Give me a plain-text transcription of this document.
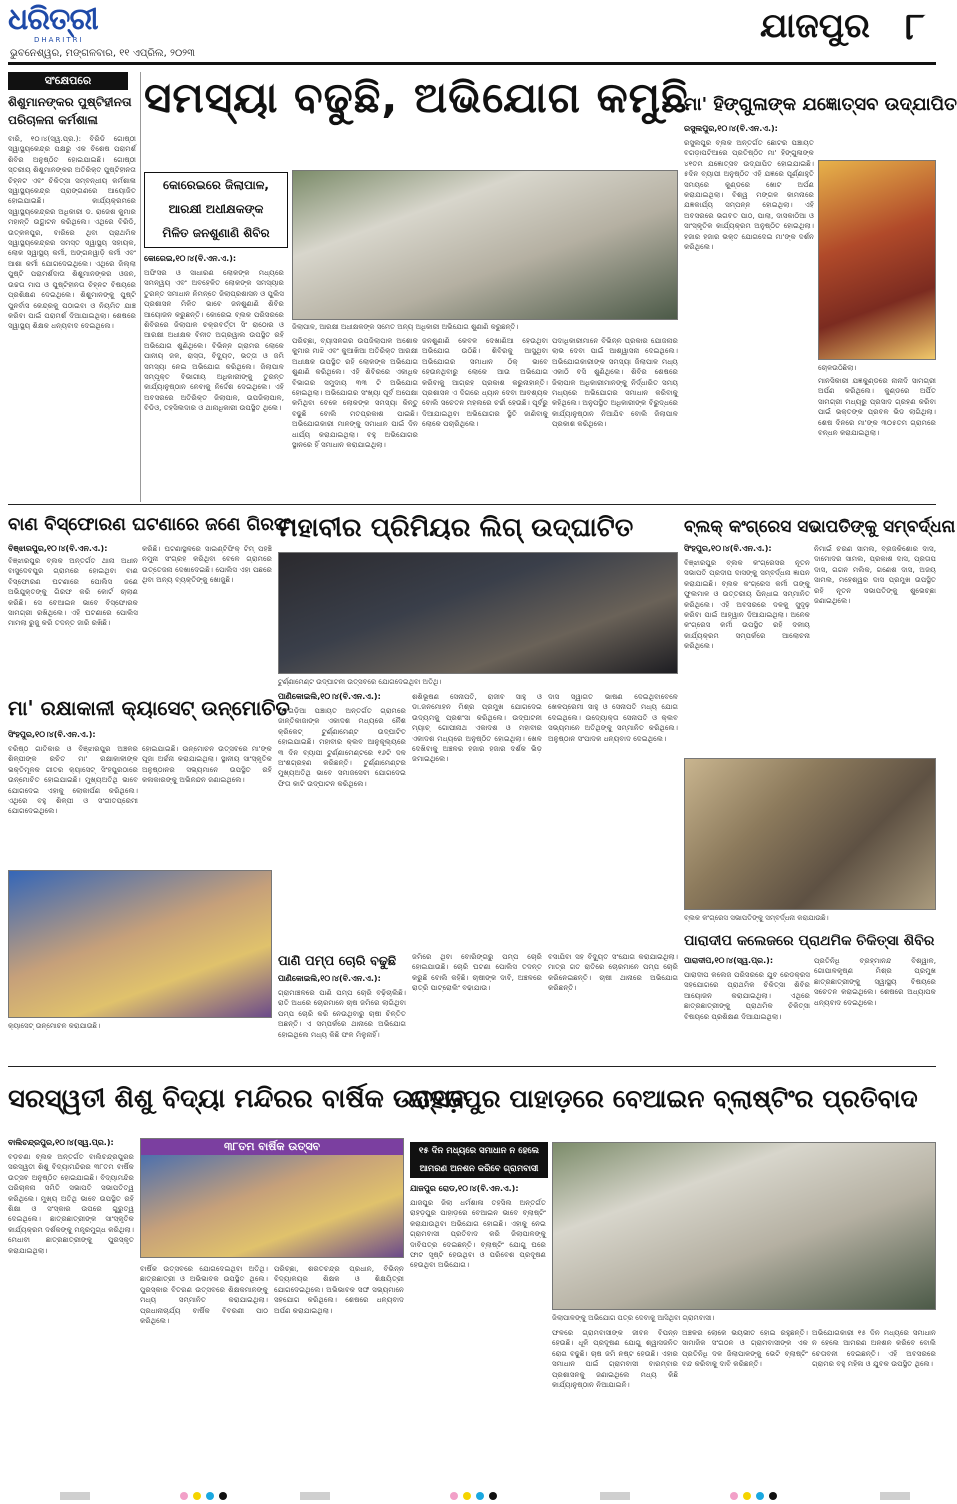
ଧରିତ୍ରୀ
DHARITRI
ଭୁବନେଶ୍ୱର, ମଙ୍ଗଳବାର, ୧୧ ଏପ୍ରିଲ, ୨୦୨୩
ଯାଜପୁର ୮
ସଂକ୍ଷେପରେ
ଶିଶୁମାନଙ୍କର ପୁଷ୍ଟିହୀନତା
ପରିଚାଳନା କର୍ମଶାଳା
ବାରି, ୧୦।୪(ସ୍ୱ.ପ୍ର.): ବିରିଡି ଗୋଷ୍ଠୀ ସ୍ୱାସ୍ଥ୍ୟକେନ୍ଦ୍ର ପକ୍ଷରୁ ଏକ ବିଶେଷ ପରାମର୍ଶ ଶିବିର ଅନୁଷ୍ଠିତ ହୋଇଯାଇଛି। ଗୋଷ୍ଠୀ ସ୍ତରୀୟ ଶିଶୁମାନଙ୍କର ଅତିରିକ୍ତ ପୁଷ୍ଟିହୀନତା ଚିହ୍ନଟ ଏବଂ ଚିକିତ୍ସା ସମ୍ବନ୍ଧୀୟ କର୍ମଶାଳା ସ୍ୱାସ୍ଥ୍ୟକେନ୍ଦ୍ର ପ୍ରାଙ୍ଗଣରେ ଆୟୋଜିତ ହୋଇଯାଇଛି। କାର୍ଯ୍ୟକ୍ରମରେ ସ୍ୱାସ୍ଥ୍ୟକେନ୍ଦ୍ରର ଅଧିକାରୀ ଡ. ରାଜେଶ କୁମାର ମହାନ୍ତି ଉଦ୍ଘାଟନ କରିଥିଲେ। ଏଥିରେ ବିରିଡି, ଉତ୍କଳପୁର, ବାରିରେ ଥିବା ପ୍ରାଥମିକ ସ୍ୱାସ୍ଥ୍ୟକେନ୍ଦ୍ରର ସମସ୍ତ ସ୍ୱାସ୍ଥ୍ୟ ସହାୟକ, ଲୋକ ସ୍ୱାସ୍ଥ୍ୟ କର୍ମୀ, ଅଙ୍ଗନୱାଡ଼ି କର୍ମୀ ଏବଂ ଆଶା କର୍ମୀ ଯୋଗଦେଇଥିଲେ। ଏଥିରେ ଜିଲ୍ଲା ପୁଷ୍ଟି ପରାମର୍ଶଦାତା ଶିଶୁମାନଙ୍କର ଓଜନ, ଉଚ୍ଚତା ମାପ ଓ ପୁଷ୍ଟିହୀନତା ଚିହ୍ନଟ ବିଷୟରେ ପ୍ରଶିକ୍ଷଣ ଦେଇଥିଲେ। ଶିଶୁମାନଙ୍କୁ ପୁଷ୍ଟି ପୁନର୍ବାସ କେନ୍ଦ୍ରକୁ ପଠାଇବା ଓ ନିୟମିତ ଯାଞ୍ଚ କରିବା ପାଇଁ ପରାମର୍ଶ ଦିଆଯାଇଥିଲା। ଶେଷରେ ସ୍ୱାସ୍ଥ୍ୟ ଶିକ୍ଷକ ଧନ୍ୟବାଦ ଦେଇଥିଲେ।
ସମସ୍ୟା ବଢୁଛି, ଅଭିଯୋଗ କମୁଛି
କୋରେଇରେ ଜିଲାପାଳ,
ଆରକ୍ଷୀ ଅଧୀକ୍ଷକଙ୍କ
ମିଳିତ ଜନଶୁଣାଣି ଶିବିର
କୋରେଇ,୧୦।୪(ବି.ଏନ.ଏ.):
ଅଫିସର ଓ ସାଧାରଣ ଲୋକଙ୍କ ମଧ୍ୟରେ ସମନ୍ୱୟ ଏବଂ ଅବହେଳିତ ଲୋକଙ୍କ ସମସ୍ୟାର ତୁରନ୍ତ ସମାଧାନ ନିମନ୍ତେ ଜିଲାପ୍ରଶାସନ ଓ ପୁଲିସ ପ୍ରଶାସନ ମିଳିତ ଭାବେ ଜନଶୁଣାଣି ଶିବିର ଆୟୋଜନ କରୁଛନ୍ତି। କୋରେଇ ବ୍ଲକ ପରିସରରେ ଶିବିରରେ ଜିଲାପାଳ ଚକ୍ରବର୍ତ୍ତୀ ସିଂ ରାଠୋର ଓ ଆରକ୍ଷୀ ଅଧୀକ୍ଷକ ବିନୀତ ଅଗ୍ରୱାଲ ଉପସ୍ଥିତ ରହି ଅଭିଯୋଗ ଶୁଣିଥିଲେ। ବିଭିନ୍ନ ଗ୍ରାମର ଲୋକେ ପାନୀୟ ଜଳ, ରାସ୍ତା, ବିଦ୍ୟୁତ, ଭତ୍ତା ଓ ଜମି ସମସ୍ୟା ନେଇ ଅଭିଯୋଗ କରିଥିଲେ। ଜିଲାପାଳ ସମ୍ପୃକ୍ତ ବିଭାଗୀୟ ଅଧିକାରୀଙ୍କୁ ତୁରନ୍ତ କାର୍ଯ୍ୟାନୁଷ୍ଠାନ ନେବାକୁ ନିର୍ଦ୍ଦେଶ ଦେଇଥିଲେ। ଏହି ଅବସରରେ ଅତିରିକ୍ତ ଜିଲାପାଳ, ଉପଜିଲାପାଳ, ବିଡିଓ, ତହସିଲଦାର ଓ ଥାନାଧିକାରୀ ଉପସ୍ଥିତ ଥିଲେ।
ଜିଲାପାଳ, ଆରକ୍ଷୀ ଅଧୀକ୍ଷକଙ୍କ ସମେତ ଅନ୍ୟ ଅଧିକାରୀ ଅଭିଯୋଗ ଶୁଣାଣି କରୁଛନ୍ତି।
ପରିଚ୍ଛା, ବ୍ୟାସନଗର ଉପଜିଲାପାଳ ଅଶୋକ କୁମାର ମାଝି ଏବଂ କୁଆଖିଆ ଅତିରିକ୍ତ ଆରକ୍ଷୀ ଅଧୀକ୍ଷକ ଉପସ୍ଥିତ ରହି ଲୋକଙ୍କ ଅଭିଯୋଗ ଶୁଣାଣି କରିଥିଲେ। ଏହି ଶିବିରରେ ଏକାଧିକ ବିଭାଗର ସମୁଦାୟ ୩୩ ଟି ଅଭିଯୋଗ ହୋଇଥିଲା। ଅଭିଯୋଗର ସଂଖ୍ୟା ପୂର୍ବ ଅପେକ୍ଷା କମିଥିବା ବେଳେ ଲୋକଙ୍କ ସମସ୍ୟା କିନ୍ତୁ ବଢୁଛି ବୋଲି ମତପ୍ରକାଶ ପାଇଛି। ଅଭିଯୋଗକାରୀ ମାନଙ୍କୁ ସମାଧାନ ପାଇଁ ଦିନ ଧାର୍ଯ୍ୟ କରାଯାଇଥିଲା। ବହୁ ଅଭିଯୋଗର ସ୍ଥାନରେ ହିଁ ସମାଧାନ କରାଯାଇଥିଲା।
ଜନଶୁଣାଣି କେବଳ ଦେଖାଣିଆ ହେଉଥିବା ଅଭିଯୋଗ ଉଠିଛି। ଶିବିରକୁ ଆସୁଥିବା ଅଭିଯୋଗର ସମାଧାନ ଠିକ୍ ଭାବେ ହେଉନଥିବାରୁ ଲୋକେ ଆଉ ଅଭିଯୋଗ କରିବାକୁ ଆଗ୍ରହ ପ୍ରକାଶ କରୁନାହାନ୍ତି। ପ୍ରଶାସନ ଏ ଦିଗରେ ଧ୍ୟାନ ଦେବା ଆବଶ୍ୟକ ବୋଲି ସଚେତନ ମହଲରେ ଚର୍ଚ୍ଚା ହେଉଛି। ପୂର୍ବରୁ ଦିଆଯାଇଥିବା ଅଭିଯୋଗର ସ୍ଥିତି ଜାଣିବାକୁ ଲୋକେ ପଚାରିଥିଲେ।
ପଦାଧିକାରୀମାନେ ବିଭିନ୍ନ ପ୍ରକାର ଯୋଜନାର ଲାଭ ଦେବା ପାଇଁ ଆଶ୍ୱାସନା ଦେଇଥିଲେ। ଅଭିଯୋଗକାରୀଙ୍କ ସମସ୍ୟା ଜିଲାପାଳ ମଧ୍ୟ ଏକାଠି ବସି ଶୁଣିଥିଲେ। ଶିବିର ଶେଷରେ ଜିଲାପାଳ ଅଧିକାରୀମାନଙ୍କୁ ନିର୍ଦ୍ଧାରିତ ସମୟ ମଧ୍ୟରେ ଅଭିଯୋଗର ସମାଧାନ କରିବାକୁ କହିଥିଲେ। ଅନୁପସ୍ଥିତ ଅଧିକାରୀଙ୍କ ବିରୁଦ୍ଧରେ କାର୍ଯ୍ୟାନୁଷ୍ଠାନ ନିଆଯିବ ବୋଲି ଜିଲାପାଳ ପ୍ରକାଶ କରିଥିଲେ।
ମା' ହିଙ୍ଗୁଳାଙ୍କ ଯଜ୍ଞୋତ୍ସବ ଉଦ୍‌ଯାପିତ
ରସୁଲପୁର,୧୦।୪(ବି.ଏନ.ଏ.):
ରସୁଲପୁର ବ୍ଲକ ଅନ୍ତର୍ଗତ ଛୋଟର ପଞ୍ଚାୟତ ବଗଡ଼ାପଟିଆରେ ପ୍ରତିଷ୍ଠିତ ମା' ହିଙ୍ଗୁଳାଙ୍କ ୪୧ତମ ଯଜ୍ଞୋତ୍ସବ ଉଦ୍‌ଯାପିତ ହୋଇଯାଇଛି। ୫ଦିନ ବ୍ୟାପୀ ଅନୁଷ୍ଠିତ ଏହି ଯଜ୍ଞରେ ପୂର୍ଣ୍ଣାହୁତି ସମୟରେ କୁଣ୍ଡରେ ଖୋଟ ଅର୍ପଣ କରାଯାଇଥିଲା। ବିଶ୍ୱ ମଙ୍ଗଳ କାମନାରେ ଯଜ୍ଞକାର୍ଯ୍ୟ ସମ୍ପନ୍ନ ହୋଇଥିଲା। ଏହି ଅବସରରେ ଭଗବତ ପାଠ, ପାଲା, ଦାସକାଠିଆ ଓ ସାଂସ୍କୃତିକ କାର୍ଯ୍ୟକ୍ରମ ଅନୁଷ୍ଠିତ ହୋଇଥିଲା। ହଜାର ହଜାର ଭକ୍ତ ଯୋଗଦେଇ ମା'ଙ୍କ ଦର୍ଶନ କରିଥିଲେ।
ଚୋଳଉଠିଛିଲା।
ମାନସିକାରୀ ଯଜ୍ଞକୁଣ୍ଡରେ ନାନାଦି ସାମଗ୍ରୀ ଅର୍ପଣ କରିଥିଲେ। କୁଣ୍ଡରେ ଅର୍ପିତ ସାମଗ୍ରୀ ମଧ୍ୟରୁ ପ୍ରସାଦ ଗ୍ରହଣ କରିବା ପାଇଁ ଭକ୍ତଙ୍କ ପ୍ରବଳ ଭିଡ ଲାଗିଥିଲା। ଶେଷ ଦିନରେ ମା'ଙ୍କ ୩୦୫ତମ ଗ୍ରାମରେ ବନ୍ଧନ କରାଯାଇଥିଲା।
ବାଣ ବିସ୍ଫୋରଣ ଘଟଣାରେ ଜଣେ ଗିରଫ
ବିଞ୍ଝାରପୁର,୧୦।୪(ବି.ଏନ.ଏ.):
ବିଞ୍ଝାରପୁର ବ୍ଲକ ଅନ୍ତର୍ଗତ ଥାନା ଅଧୀନ ବାସୁଦେବପୁର ଗ୍ରାମରେ ହୋଇଥିବା ବାଣ ବିସ୍ଫୋରଣ ଘଟଣାରେ ପୋଲିସ ଜଣେ ଅଭିଯୁକ୍ତଙ୍କୁ ଗିରଫ କରି କୋର୍ଟ ଚାଲାଣ କରିଛି। ସେ ବେଆଇନ ଭାବେ ବିସ୍ଫୋରକ ସାମଗ୍ରୀ ରଖିଥିଲେ। ଏହି ଘଟଣାରେ ପୋଲିସ ମାମଲା ରୁଜୁ କରି ତଦନ୍ତ ଜାରି ରଖିଛି।
କରିଛି। ଘଟଣାସ୍ଥଳରେ ସାଇଣ୍ଟିଫିକ୍ ଟିମ୍ ପହଞ୍ଚି ନମୁନା ସଂଗ୍ରହ କରିଥିବା ବେଳେ ଗ୍ରାମରେ ଉତ୍ତେଜନା ଦେଖାଦେଇଛି। ପୋଲିସ ଏହା ପଛରେ ଥିବା ଅନ୍ୟ ବ୍ୟକ୍ତିଙ୍କୁ ଖୋଜୁଛି।
ମା' ରକ୍ଷାକାଳୀ କ୍ୟାସେଟ୍ ଉନ୍ମୋଚିତ
ସିଂହପୁର,୧୦।୪(ବି.ଏନ.ଏ.):
ବରିଷ୍ଠ ଗାତିକାର ଓ ବିଞ୍ଝାରପୁର ଅଞ୍ଚଳର ଶିଳ୍ପୀଙ୍କ ରଚିତ ମା' ରକ୍ଷାକାଳୀଙ୍କ ଭକ୍ତିମୂଳକ ଗୀତର କ୍ୟାସେଟ୍ ସିଂହପୁରଠାରେ ଉନ୍ମୋଚିତ ହୋଇଯାଇଛି। ମୁଖ୍ୟଅତିଥି ଭାବେ ଯୋଗଦେଇ ଏହାକୁ ଲୋକାର୍ପଣ କରିଥିଲେ। ଏଥିରେ ବହୁ ଶିଳ୍ପୀ ଓ ସଂଗୀତପ୍ରେମୀ ଯୋଗଦେଇଥିଲେ।
ହୋଇଯାଇଛି। ଉନ୍ମୋଚନ ଉତ୍ସବରେ ମା'ଙ୍କ ପୂଜା ଅର୍ଚ୍ଚନା କରାଯାଇଥିଲା। ସ୍ଥାନୀୟ ସାଂସ୍କୃତିକ ଅନୁଷ୍ଠାନର ସଭ୍ୟମାନେ ଉପସ୍ଥିତ ରହି କଳାକାରଙ୍କୁ ଅଭିନନ୍ଦନ ଜଣାଇଥିଲେ।
କ୍ୟାସେଟ୍ ଉନ୍ମୋଚନ କରାଯାଉଛି।
ମହାବୀର ପ୍ରିମିୟର ଲିଗ୍ ଉଦ୍‌ଘାଟିତ
ଟୁର୍ଣ୍ଣାମେଣ୍ଟ ଉଦ୍‌ଘାଟନୀ ଉତ୍ସବରେ ଯୋଗଦେଇଥିବା ଅତିଥି।
ପାଣିକୋଇଲି,୧୦।୪(ବି.ଏନ.ଏ.):
ପଟଗଡ଼ିଆ ପଞ୍ଚାୟତ ଅନ୍ତର୍ଗତ ଗ୍ରାମରେ ଜାନ୍ତିକାଜାଙ୍କ ଏକାଦଶ ମଧ୍ୟରେ ନୈଶ କ୍ରିକେଟ୍ ଟୁର୍ଣ୍ଣାମେଣ୍ଟ ଉଦ୍‌ଘାଟିତ ହୋଇଯାଇଛି। ମହାବୀର କ୍ଲବ ଆନୁକୂଲ୍ୟରେ ୩ ଦିନ ବ୍ୟାପୀ ଟୁର୍ଣ୍ଣାମେଣ୍ଟରେ ୧୬ଟି ଦଳ ଅଂଶଗ୍ରହଣ କରିଛନ୍ତି। ଟୁର୍ଣ୍ଣାମେଣ୍ଟର ମୁଖ୍ୟଅତିଥି ଭାବେ ସମାଜସେବୀ ଯୋଗଦେଇ ଫିତା କାଟି ଉଦ୍‌ଘାଟନ କରିଥିଲେ।
ଶଶିଭୂଷଣ ସେନାପତି, ରାଜୀବ ସାହୁ ଓ ଡା.ଜନମୋହନ ମିଶ୍ର ପ୍ରମୁଖ ଯୋଗଦେଇ ଉଦ୍ୟମକୁ ପ୍ରଶଂସା କରିଥିଲେ। ଉଦ୍‌ଘାଟନୀ ମ୍ୟାଚ୍ ଗୋପୀନାଥ ଏକାଦଶ ଓ ମହାବୀର ଏକାଦଶ ମଧ୍ୟରେ ଅନୁଷ୍ଠିତ ହୋଇଥିଲା। ଖେଳ ଦେଖିବାକୁ ଅଞ୍ଚଳର ହଜାର ହଜାର ଦର୍ଶକ ଭିଡ଼ ଜମାଇଥିଲେ।
ଦାସ ସ୍ୱାଗତ ଭାଷଣ ଦେଇଥିବାବେଳେ ଖେଳପ୍ରେମୀ ସାହୁ ଓ ସେନାପତି ମଧ୍ୟ ଯୋଗ ଦେଇଥିଲେ। ଉଦ୍ୟୋକ୍ତା ସେନାପତି ଓ କ୍ଲବ ସଭ୍ୟମାନେ ଅତିଥିଙ୍କୁ ସମ୍ମାନିତ କରିଥିଲେ। ଅନୁଷ୍ଠାନ ସଂପାଦକ ଧନ୍ୟବାଦ ଦେଇଥିଲେ।
ପାଣି ପମ୍ପ ଚୋରି ବଢୁଛି
ପାଣିକୋଇଲି,୧୦।୪(ବି.ଏନ.ଏ.):
ଗ୍ରାମାଞ୍ଚଳରେ ପାଣି ପମ୍ପ ଚୋରି ବଢ଼ିଚାଲିଛି। ରାତି ଅଧରେ ଚୋରମାନେ ଚାଷ ଜମିରେ ଲାଗିଥିବା ପମ୍ପ ଚୋରି କରି ନେଉଥିବାରୁ ଚାଷୀ ଚିନ୍ତିତ ଅଛନ୍ତି। ଏ ସମ୍ପର୍କରେ ଥାନାରେ ଅଭିଯୋଗ ହୋଇଥିଲେ ମଧ୍ୟ କିଛି ଫଳ ମିଳୁନାହିଁ।
ଜମିରେ ଥିବା ବୋରିଙ୍ଗରୁ ପମ୍ପ ଚୋରି ହୋଇଯାଉଛି। ଚୋରି ଘଟଣା ପୋଲିସ ତଦନ୍ତ କରୁଛି ବୋଲି କହିଛି। ଚାଷୀଙ୍କ ଦାବି, ଅଞ୍ଚଳରେ ରାତ୍ରି ପାଟ୍ରୋଲିଂ ବଢାଯାଉ।
ବସାଯିବା ସହ ବିଦ୍ୟୁତ ସଂଯୋଗ କରାଯାଇଥିଲା। ମାତ୍ର ଗତ ରାତିରେ ଚୋରମାନେ ପମ୍ପ ଚୋରି କରିନେଇଛନ୍ତି। ଚାଷୀ ଥାନାରେ ଅଭିଯୋଗ କରିଛନ୍ତି।
ବ୍ଲକ୍ କଂଗ୍ରେସ ସଭାପତିଙ୍କୁ ସମ୍ବର୍ଦ୍ଧନା
ସିଂହପୁର,୧୦।୪(ବି.ଏନ.ଏ.):
ବିଞ୍ଝାରପୁର ବ୍ଲକ କଂଗ୍ରେସର ନୂତନ ସଭାପତି ପ୍ରଦୀପ ଦାସଙ୍କୁ ସମ୍ବର୍ଦ୍ଧନା ଜ୍ଞାପନ କରାଯାଇଛି। ବ୍ଲକ କଂଗ୍ରେସ କର୍ମୀ ତାଙ୍କୁ ଫୁଲମାଳ ଓ ଉତ୍ତରୀୟ ପିନ୍ଧାଇ ସମ୍ମାନିତ କରିଥିଲେ। ଏହି ଅବସରରେ ଦଳକୁ ସୁଦୃଢ଼ କରିବା ପାଇଁ ଆହ୍ୱାନ ଦିଆଯାଇଥିଲା। ଅନେକ କଂଗ୍ରେସ କର୍ମୀ ଉପସ୍ଥିତ ରହି ଦଳୀୟ କାର୍ଯ୍ୟକ୍ରମ ସମ୍ପର୍କରେ ଆଲୋଚନା କରିଥିଲେ।
ନିମାଇଁ ଚରଣ ସାମଲ, ବ୍ରଜକିଶୋର ଦାସ, ଦାମୋଦର ସାମଲ, ପ୍ରକାଶ ଦାସ, ପ୍ରତାପ ଦାସ, ଗଗନ ମଲିକ, ଗଣେଶ ଦାସ, ଅଜୟ ସାମଲ, ମହେଶ୍ୱର ଦାସ ପ୍ରମୁଖ ଉପସ୍ଥିତ ରହି ନୂତନ ସଭାପତିଙ୍କୁ ଶୁଭେଚ୍ଛା ଜଣାଇଥିଲେ।
ବ୍ଲକ କଂଗ୍ରେସ ସଭାପତିଙ୍କୁ ସମ୍ବର୍ଦ୍ଧନା କରାଯାଉଛି।
ପାରାଦୀପ କଲେଜରେ ପ୍ରାଥମିକ ଚିକିତ୍ସା ଶିବିର
ପାରାଦୀପ,୧୦।୪(ସ୍ୱ.ପ୍ର.):
ପାରାଦୀପ କଲେଜ ପରିସରରେ ଯୁବ ରେଡକ୍ରସ ସହଯୋଗରେ ପ୍ରାଥମିକ ଚିକିତ୍ସା ଶିବିର ଆୟୋଜନ କରାଯାଇଥିଲା। ଏଥିରେ ଛାତ୍ରଛାତ୍ରୀଙ୍କୁ ପ୍ରାଥମିକ ଚିକିତ୍ସା ବିଷୟରେ ପ୍ରଶିକ୍ଷଣ ଦିଆଯାଇଥିଲା।
ପ୍ରତିନିଧି ବ୍ରହ୍ମାନନ୍ଦ ବିଶ୍ୱାଳ, ଗୋପାଳକୃଷ୍ଣ ମିଶ୍ର ପ୍ରମୁଖ ଛାତ୍ରଛାତ୍ରୀଙ୍କୁ ସ୍ୱାସ୍ଥ୍ୟ ବିଷୟରେ ସଚେତନ କରାଇଥିଲେ। ଶେଷରେ ଅଧ୍ୟାପକ ଧନ୍ୟବାଦ ଦେଇଥିଲେ।
ସରସ୍ୱତୀ ଶିଶୁ ବିଦ୍ୟା ମନ୍ଦିରର ବାର୍ଷିକ ଉତ୍ସବ
ବାଲିଚନ୍ଦ୍ରପୁର,୧୦।୪(ସ୍ୱ.ପ୍ର.):
ବଡ଼ଚଣା ବ୍ଲକ ଅନ୍ତର୍ଗତ ବାଲିଚନ୍ଦ୍ରପୁରର ସରସ୍ୱତୀ ଶିଶୁ ବିଦ୍ୟାମନ୍ଦିରର ୩୮ତମ ବାର୍ଷିକ ଉତ୍ସବ ଅନୁଷ୍ଠିତ ହୋଇଯାଇଛି। ବିଦ୍ୟାମନ୍ଦିର ପରିଚାଳନା ସମିତି ସଭାପତି ସଭାପତିତ୍ୱ କରିଥିଲେ। ମୁଖ୍ୟ ଅତିଥି ଭାବେ ଉପସ୍ଥିତ ରହି ଶିକ୍ଷା ଓ ସଂସ୍କାର ଉପରେ ଗୁରୁତ୍ୱ ଦେଇଥିଲେ। ଛାତ୍ରଛାତ୍ରୀଙ୍କ ସାଂସ୍କୃତିକ କାର୍ଯ୍ୟକ୍ରମ ଦର୍ଶକଙ୍କୁ ମନ୍ତ୍ରମୁଗ୍ଧ କରିଥିଲା। ମେଧାବୀ ଛାତ୍ରଛାତ୍ରୀଙ୍କୁ ପୁରସ୍କୃତ କରାଯାଇଥିଲା।
୩୮ତମ ବାର୍ଷିକ ଉତ୍ସବ
ବାର୍ଷିକ ଉତ୍ସବରେ ଯୋଗଦେଇଥିବା ଅତିଥି। ଛାତ୍ରଛାତ୍ରୀ ଓ ଅଭିଭାବକ ଉପସ୍ଥିତ ଥିଲେ। ପୁରସ୍କାର ବିତରଣ ଉତ୍ସବରେ ଶିକ୍ଷକମାନଙ୍କୁ ମଧ୍ୟ ସମ୍ମାନିତ କରାଯାଇଥିଲା। ପ୍ରଧାନାଚାର୍ଯ୍ୟ ବାର୍ଷିକ ବିବରଣୀ ପାଠ କରିଥିଲେ।
ପରିଚ୍ଛା, ଶରତଚନ୍ଦ୍ର ପ୍ରଧାନ, ବିଭିନ୍ନ ବିଦ୍ୟାଳୟର ଶିକ୍ଷକ ଓ ଶିକ୍ଷୟିତ୍ରୀ ଯୋଗଦେଇଥିଲେ। ଅଭିଭାବକ ସଙ୍ଘ ସଭ୍ୟମାନେ ସହଯୋଗ କରିଥିଲେ। ଶେଷରେ ଧନ୍ୟବାଦ ଅର୍ପଣ କରାଯାଇଥିଲା।
ରାହଡ଼ପୁର ପାହାଡ଼ରେ ବେଆଇନ ବ୍ଲାଷ୍ଟିଂର ପ୍ରତିବାଦ
୧୫ ଦିନ ମଧ୍ୟରେ ସମାଧାନ ନ ହେଲେ
ଆମରଣ ଅନଶନ କରିବେ ଗ୍ରାମବାସୀ
ଯାଜପୁର ରୋଡ,୧୦।୪(ବି.ଏନ.ଏ.):
ଯାଜପୁର ଜିଲା ଧର୍ମଶାଳା ତହସିଲ ଅନ୍ତର୍ଗତ ରାହଡ଼ପୁର ପାହାଡ଼ରେ ବେଆଇନ ଭାବେ ବ୍ଲାଷ୍ଟିଂ କରାଯାଉଥିବା ଅଭିଯୋଗ ହୋଇଛି। ଏହାକୁ ନେଇ ଗ୍ରାମବାସୀ ପ୍ରତିବାଦ କରି ଜିଲାପାଳଙ୍କୁ ଦାବିପତ୍ର ଦେଇଛନ୍ତି। ବ୍ଲାଷ୍ଟିଂ ଯୋଗୁ ଘରେ ଫାଟ ସୃଷ୍ଟି ହେଉଥିବା ଓ ପରିବେଶ ପ୍ରଦୂଷଣ ହେଉଥିବା ଅଭିଯୋଗ।
ଜିଲାପାଳଙ୍କୁ ଅଭିଯୋଗ ପତ୍ର ଦେବାକୁ ଆସିଥିବା ଗ୍ରାମବାସୀ।
ଫଳରେ ଗ୍ରାମବାସୀଙ୍କ ଜୀବନ ବିପନ୍ନ ହେଉଛି। ଧୂଳି ପ୍ରଦୂଷଣ ଯୋଗୁ ଶ୍ୱାସଜନିତ ରୋଗ ବଢୁଛି। ଚାଷ ଜମି ନଷ୍ଟ ହେଉଛି। ଏହାର ସମାଧାନ ପାଇଁ ଗ୍ରାମବାସୀ ବାରମ୍ବାର ପ୍ରଶାସନକୁ ଜଣାଇଥିଲେ ମଧ୍ୟ କିଛି କାର୍ଯ୍ୟାନୁଷ୍ଠାନ ନିଆଯାଇନି।
ଅଞ୍ଚଳର ଲୋକେ ଭୟଭୀତ ହୋଇ ରହୁଛନ୍ତି। ସାମାଜିକ ସଂଗଠନ ଓ ଗ୍ରାମବାସୀଙ୍କ ଏକ ପ୍ରତିନିଧି ଦଳ ଜିଲାପାଳଙ୍କୁ ଭେଟି ବ୍ଲାଷ୍ଟିଂ ବନ୍ଦ କରିବାକୁ ଦାବି କରିଛନ୍ତି।
ଅଭିଯୋଗକାରୀ ୧୫ ଦିନ ମଧ୍ୟରେ ସମାଧାନ ନ ହେଲେ ଆମରଣ ଅନଶନ କରିବେ ବୋଲି ଚେତାବନୀ ଦେଇଛନ୍ତି। ଏହି ଅବସରରେ ଗ୍ରାମର ବହୁ ମହିଳା ଓ ଯୁବକ ଉପସ୍ଥିତ ଥିଲେ।
